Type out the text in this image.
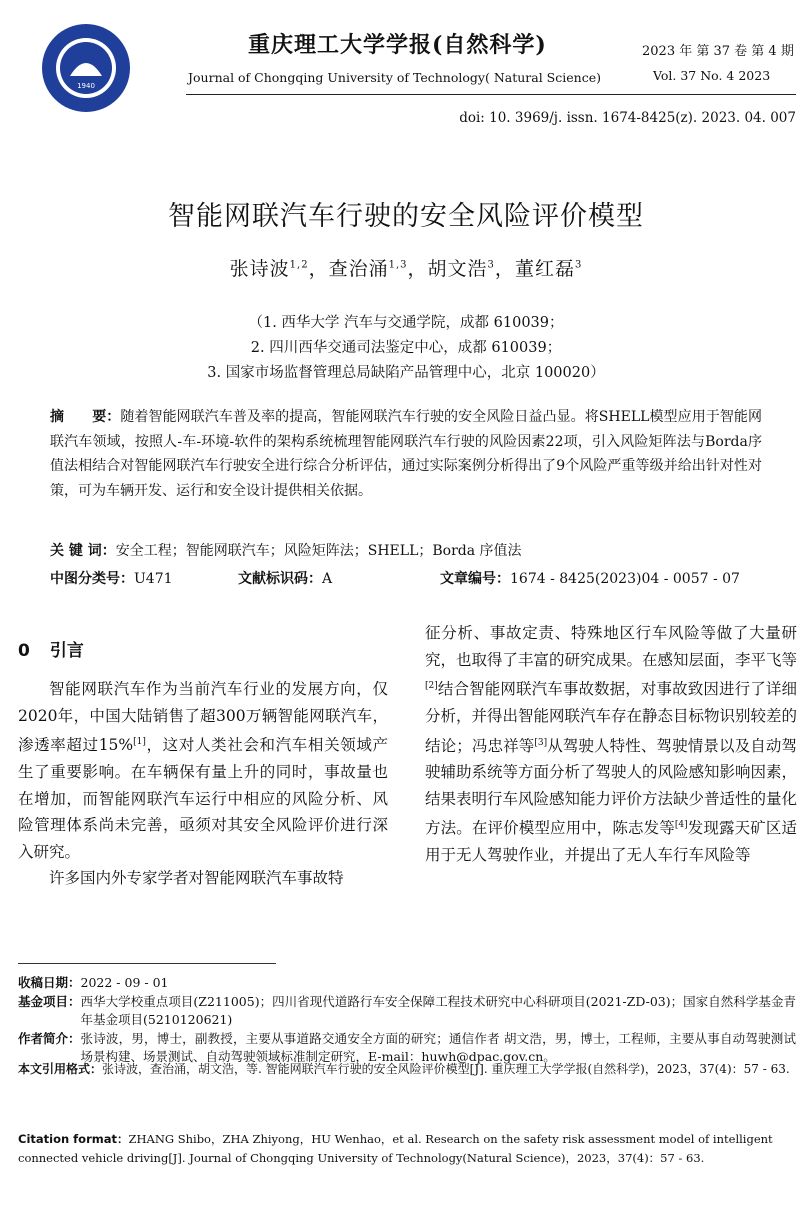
1940
重庆理工大学学报(自然科学)
Journal of Chongqing University of Technology( Natural Science)
2023 年 第 37 卷 第 4 期
Vol. 37 No. 4 2023
doi: 10. 3969/j. issn. 1674-8425(z). 2023. 04. 007
智能网联汽车行驶的安全风险评价模型
张诗波$^{1,2}$，查治涌$^{1,3}$，胡文浩$^3$，董红磊$^3$
（1. 西华大学 汽车与交通学院，成都 610039；
2. 四川西华交通司法鉴定中心，成都 610039；
3. 国家市场监督管理总局缺陷产品管理中心，北京 100020）
摘　　要：随着智能网联汽车普及率的提高，智能网联汽车行驶的安全风险日益凸显。将SHELL模型应用于智能网联汽车领域，按照人-车-环境-软件的架构系统梳理智能网联汽车行驶的风险因素22项，引入风险矩阵法与Borda序值法相结合对智能网联汽车行驶安全进行综合分析评估，通过实际案例分析得出了9个风险严重等级并给出针对性对策，可为车辆开发、运行和安全设计提供相关依据。
关 键 词：安全工程；智能网联汽车；风险矩阵法；SHELL；Borda 序值法
中图分类号：U471	文献标识码：A	文章编号：1674 - 8425(2023)04 - 0057 - 07
0 引言

智能网联汽车作为当前汽车行业的发展方向，仅2020年，中国大陆销售了超300万辆智能网联汽车，渗透率超过15%[1]，这对人类社会和汽车相关领域产生了重要影响。在车辆保有量上升的同时，事故量也在增加，而智能网联汽车运行中相应的风险分析、风险管理体系尚未完善，亟须对其安全风险评价进行深入研究。

许多国内外专家学者对智能网联汽车事故特

征分析、事故定责、特殊地区行车风险等做了大量研究，也取得了丰富的研究成果。在感知层面，李平飞等[2]结合智能网联汽车事故数据，对事故致因进行了详细分析，并得出智能网联汽车存在静态目标物识别较差的结论；冯忠祥等[3]从驾驶人特性、驾驶情景以及自动驾驶辅助系统等方面分析了驾驶人的风险感知影响因素，结果表明行车风险感知能力评价方法缺少普适性的量化方法。在评价模型应用中，陈志发等[4]发现露天矿区适用于无人驾驶作业，并提出了无人车行车风险等

收稿日期： 2022 - 09 - 01
基金项目： 西华大学校重点项目(Z211005)；四川省现代道路行车安全保障工程技术研究中心科研项目(2021-ZD-03)；国家自然科学基金青年基金项目(5210120621)
作者简介： 张诗波，男，博士，副教授，主要从事道路交通安全方面的研究；通信作者 胡文浩，男，博士，工程师，主要从事自动驾驶测试场景构建、场景测试、自动驾驶领域标准制定研究，E-mail：huwh@dpac.gov.cn。
本文引用格式：张诗波，查治涌，胡文浩，等. 智能网联汽车行驶的安全风险评价模型[J]. 重庆理工大学学报(自然科学)，2023，37(4)：57 - 63.
Citation format：ZHANG Shibo，ZHA Zhiyong，HU Wenhao，et al. Research on the safety risk assessment model of intelligent connected vehicle driving[J]. Journal of Chongqing University of Technology(Natural Science)，2023，37(4)：57 - 63.
